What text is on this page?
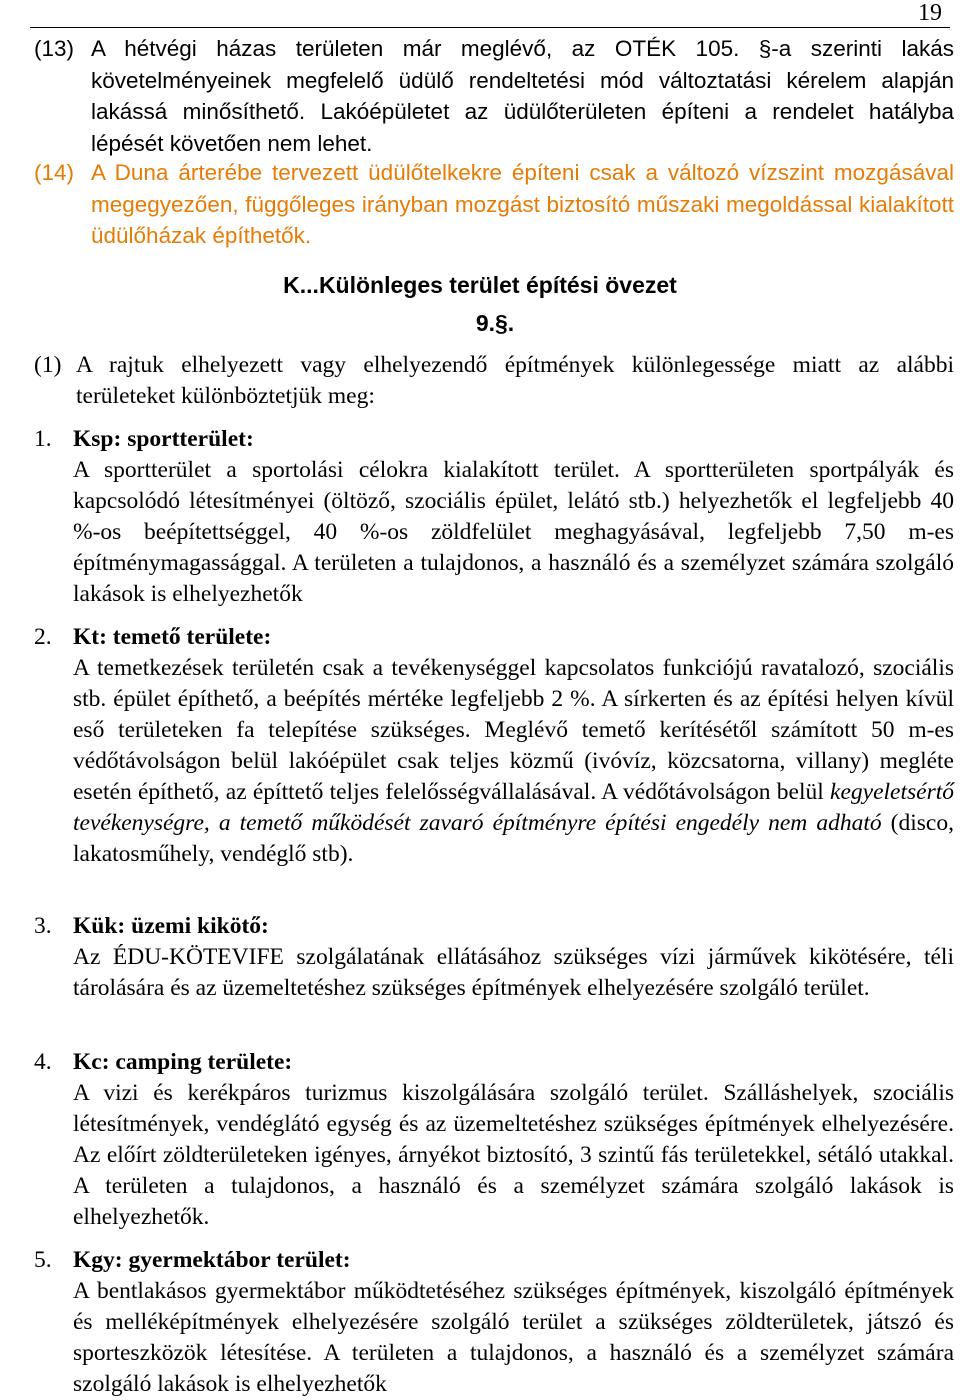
19
(13) A hétvégi házas területen már meglévő, az OTÉK 105. §-a szerinti lakás követelményeinek megfelelő üdülő rendeltetési mód változtatási kérelem alapján lakássá minősíthető. Lakóépületet az üdülőterületen építeni a rendelet hatályba lépését követően nem lehet.
(14) A Duna árterébe tervezett üdülőtelkekre építeni csak a változó vízszint mozgásával megegyezően, függőleges irányban mozgást biztosító műszaki megoldással kialakított üdülőházak építhetők.
K...Különleges terület építési övezet
9.§.
(1) A rajtuk elhelyezett vagy elhelyezendő építmények különlegessége miatt az alábbi területeket különböztetjük meg:
1. Ksp: sportterület:
A sportterület a sportolási célokra kialakított terület. A sportterületen sportpályák és kapcsolódó létesítményei (öltöző, szociális épület, lelátó stb.) helyezhetők el legfeljebb 40 %-os beépítettséggel, 40 %-os zöldfelület meghagyásával, legfeljebb 7,50 m-es építménymagassággal. A területen a tulajdonos, a használó és a személyzet számára szolgáló lakások is elhelyezhetők
2. Kt: temető területe:
A temetkezések területén csak a tevékenységgel kapcsolatos funkciójú ravatalozó, szociális stb. épület építhető, a beépítés mértéke legfeljebb 2 %. A sírkerten és az építési helyen kívül eső területeken fa telepítése szükséges. Meglévő temető kerítésétől számított 50 m-es védőtávolságon belül lakóépület csak teljes közmű (ivóvíz, közcsatorna, villany) megléte esetén építhető, az építtető teljes felelősségvállalásával. A védőtávolságon belül kegyeletsértő tevékenységre, a temető működését zavaró építményre építési engedély nem adható (disco, lakatosműhely, vendéglő stb).
3. Kük: üzemi kikötő:
Az ÉDU-KÖTEVIFE szolgálatának ellátásához szükséges vízi járművek kikötésére, téli tárolására és az üzemeltetéshez szükséges építmények elhelyezésére szolgáló terület.
4. Kc: camping területe:
A vizi és kerékpáros turizmus kiszolgálására szolgáló terület. Szálláshelyek, szociális létesítmények, vendéglátó egység és az üzemeltetéshez szükséges építmények elhelyezésére. Az előírt zöldterületeken igényes, árnyékot biztosító, 3 szintű fás területekkel, sétáló utakkal. A területen a tulajdonos, a használó és a személyzet számára szolgáló lakások is elhelyezhetők.
5. Kgy: gyermektábor terület:
A bentlakásos gyermektábor működtetéséhez szükséges építmények, kiszolgáló építmények és melléképítmények elhelyezésére szolgáló terület a szükséges zöldterületek, játszó és sporteszközök létesítése. A területen a tulajdonos, a használó és a személyzet számára szolgáló lakások is elhelyezhetők
